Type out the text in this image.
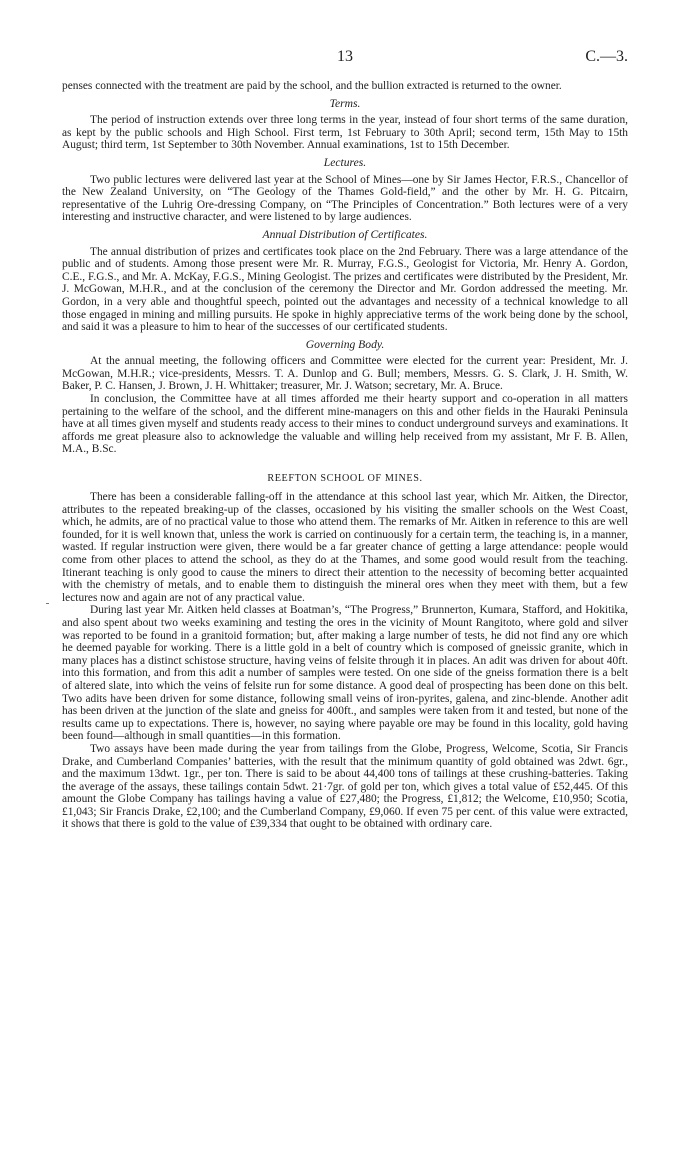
13	C.—3.

penses connected with the treatment are paid by the school, and the bullion extracted is returned to the owner.

Terms.

The period of instruction extends over three long terms in the year, instead of four short terms of the same duration, as kept by the public schools and High School. First term, 1st February to 30th April; second term, 15th May to 15th August; third term, 1st September to 30th November. Annual examinations, 1st to 15th December.

Lectures.

Two public lectures were delivered last year at the School of Mines—one by Sir James Hector, F.R.S., Chancellor of the New Zealand University, on “The Geology of the Thames Gold-field,” and the other by Mr. H. G. Pitcairn, representative of the Luhrig Ore-dressing Company, on “The Principles of Concentration.” Both lectures were of a very interesting and instructive character, and were listened to by large audiences.

Annual Distribution of Certificates.

The annual distribution of prizes and certificates took place on the 2nd February. There was a large attendance of the public and of students. Among those present were Mr. R. Murray, F.G.S., Geologist for Victoria, Mr. Henry A. Gordon, C.E., F.G.S., and Mr. A. McKay, F.G.S., Mining Geologist. The prizes and certificates were distributed by the President, Mr. J. McGowan, M.H.R., and at the conclusion of the ceremony the Director and Mr. Gordon addressed the meeting. Mr. Gordon, in a very able and thoughtful speech, pointed out the advantages and necessity of a technical knowledge to all those engaged in mining and milling pursuits. He spoke in highly appreciative terms of the work being done by the school, and said it was a pleasure to him to hear of the successes of our certificated students.

Governing Body.

At the annual meeting, the following officers and Committee were elected for the current year: President, Mr. J. McGowan, M.H.R.; vice-presidents, Messrs. T. A. Dunlop and G. Bull; members, Messrs. G. S. Clark, J. H. Smith, W. Baker, P. C. Hansen, J. Brown, J. H. Whittaker; treasurer, Mr. J. Watson; secretary, Mr. A. Bruce.

In conclusion, the Committee have at all times afforded me their hearty support and co-operation in all matters pertaining to the welfare of the school, and the different mine-managers on this and other fields in the Hauraki Peninsula have at all times given myself and students ready access to their mines to conduct underground surveys and examinations. It affords me great pleasure also to acknowledge the valuable and willing help received from my assistant, Mr F. B. Allen, M.A., B.Sc.

REEFTON SCHOOL OF MINES.

There has been a considerable falling-off in the attendance at this school last year, which Mr. Aitken, the Director, attributes to the repeated breaking-up of the classes, occasioned by his visiting the smaller schools on the West Coast, which, he admits, are of no practical value to those who attend them. The remarks of Mr. Aitken in reference to this are well founded, for it is well known that, unless the work is carried on continuously for a certain term, the teaching is, in a manner, wasted. If regular instruction were given, there would be a far greater chance of getting a large attendance: people would come from other places to attend the school, as they do at the Thames, and some good would result from the teaching. Itinerant teaching is only good to cause the miners to direct their attention to the necessity of becoming better acquainted with the chemistry of metals, and to enable them to distinguish the mineral ores when they meet with them, but a few lectures now and again are not of any practical value.

During last year Mr. Aitken held classes at Boatman’s, “The Progress,” Brunnerton, Kumara, Stafford, and Hokitika, and also spent about two weeks examining and testing the ores in the vicinity of Mount Rangitoto, where gold and silver was reported to be found in a granitoid formation; but, after making a large number of tests, he did not find any ore which he deemed payable for working. There is a little gold in a belt of country which is composed of gneissic granite, which in many places has a distinct schistose structure, having veins of felsite through it in places. An adit was driven for about 40ft. into this formation, and from this adit a number of samples were tested. On one side of the gneiss formation there is a belt of altered slate, into which the veins of felsite run for some distance. A good deal of prospecting has been done on this belt. Two adits have been driven for some distance, following small veins of iron-pyrites, galena, and zinc-blende. Another adit has been driven at the junction of the slate and gneiss for 400ft., and samples were taken from it and tested, but none of the results came up to expectations. There is, however, no saying where payable ore may be found in this locality, gold having been found—although in small quantities—in this formation.

Two assays have been made during the year from tailings from the Globe, Progress, Welcome, Scotia, Sir Francis Drake, and Cumberland Companies’ batteries, with the result that the minimum quantity of gold obtained was 2dwt. 6gr., and the maximum 13dwt. 1gr., per ton. There is said to be about 44,400 tons of tailings at these crushing-batteries. Taking the average of the assays, these tailings contain 5dwt. 21·7gr. of gold per ton, which gives a total value of £52,445. Of this amount the Globe Company has tailings having a value of £27,480; the Progress, £1,812; the Welcome, £10,950; Scotia, £1,043; Sir Francis Drake, £2,100; and the Cumberland Company, £9,060. If even 75 per cent. of this value were extracted, it shows that there is gold to the value of £39,334 that ought to be obtained with ordinary care.
